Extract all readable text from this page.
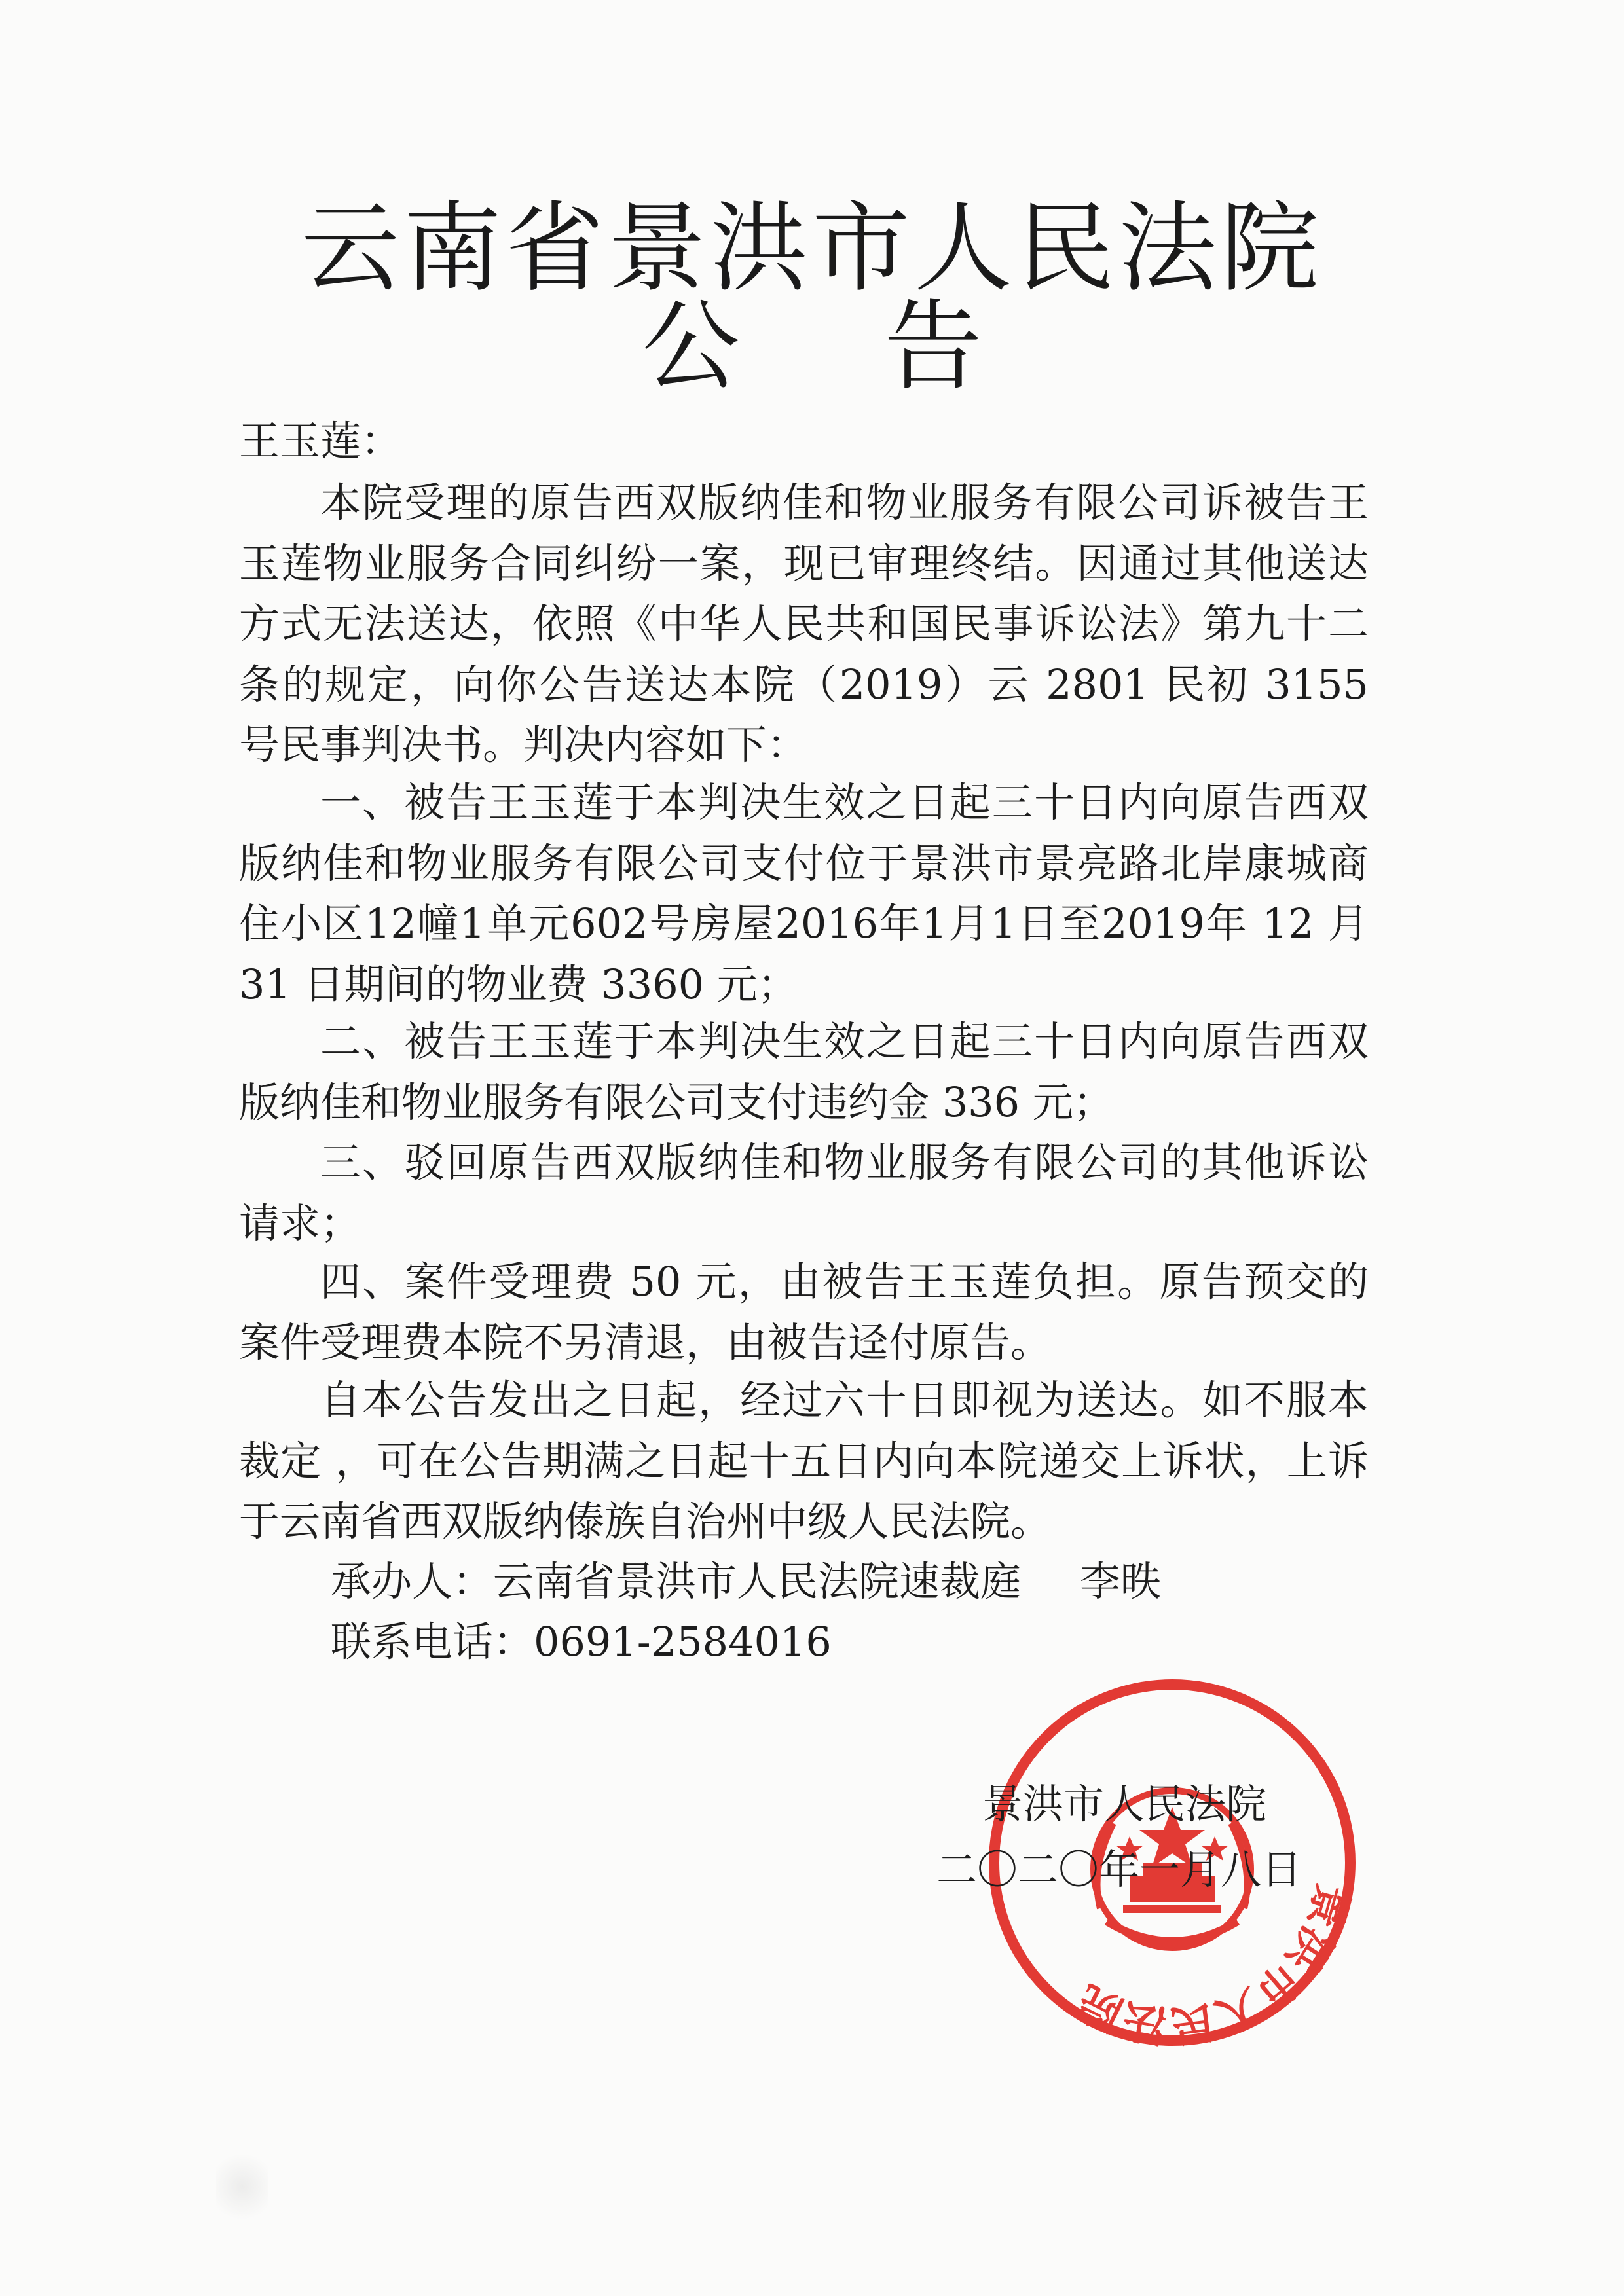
云南省景洪市人民法院
公告
王玉莲：

本院受理的原告西双版纳佳和物业服务有限公司诉被告王玉莲物业服务合同纠纷一案，现已审理终结。因通过其他送达方式无法送达，依照《中华人民共和国民事诉讼法》第九十二条的规定，向你公告送达本院（2019）云 2801 民初 3155 号民事判决书。判决内容如下：

一、被告王玉莲于本判决生效之日起三十日内向原告西双版纳佳和物业服务有限公司支付位于景洪市景亮路北岸康城商住小区12幢1单元602号房屋2016年1月1日至2019年 12 月 31 日期间的物业费 3360 元；

二、被告王玉莲于本判决生效之日起三十日内向原告西双版纳佳和物业服务有限公司支付违约金 336 元；

三、驳回原告西双版纳佳和物业服务有限公司的其他诉讼请求；

四、案件受理费 50 元，由被告王玉莲负担。原告预交的案件受理费本院不另清退，由被告迳付原告。

自本公告发出之日起，经过六十日即视为送达。如不服本裁定 ，可在公告期满之日起十五日内向本院递交上诉状，上诉于云南省西双版纳傣族自治州中级人民法院。

承办人：云南省景洪市人民法院速裁庭 李昳
联系电话：0691-2584016
景洪市人民法院
景洪市人民法院
二〇二〇年一月八日
